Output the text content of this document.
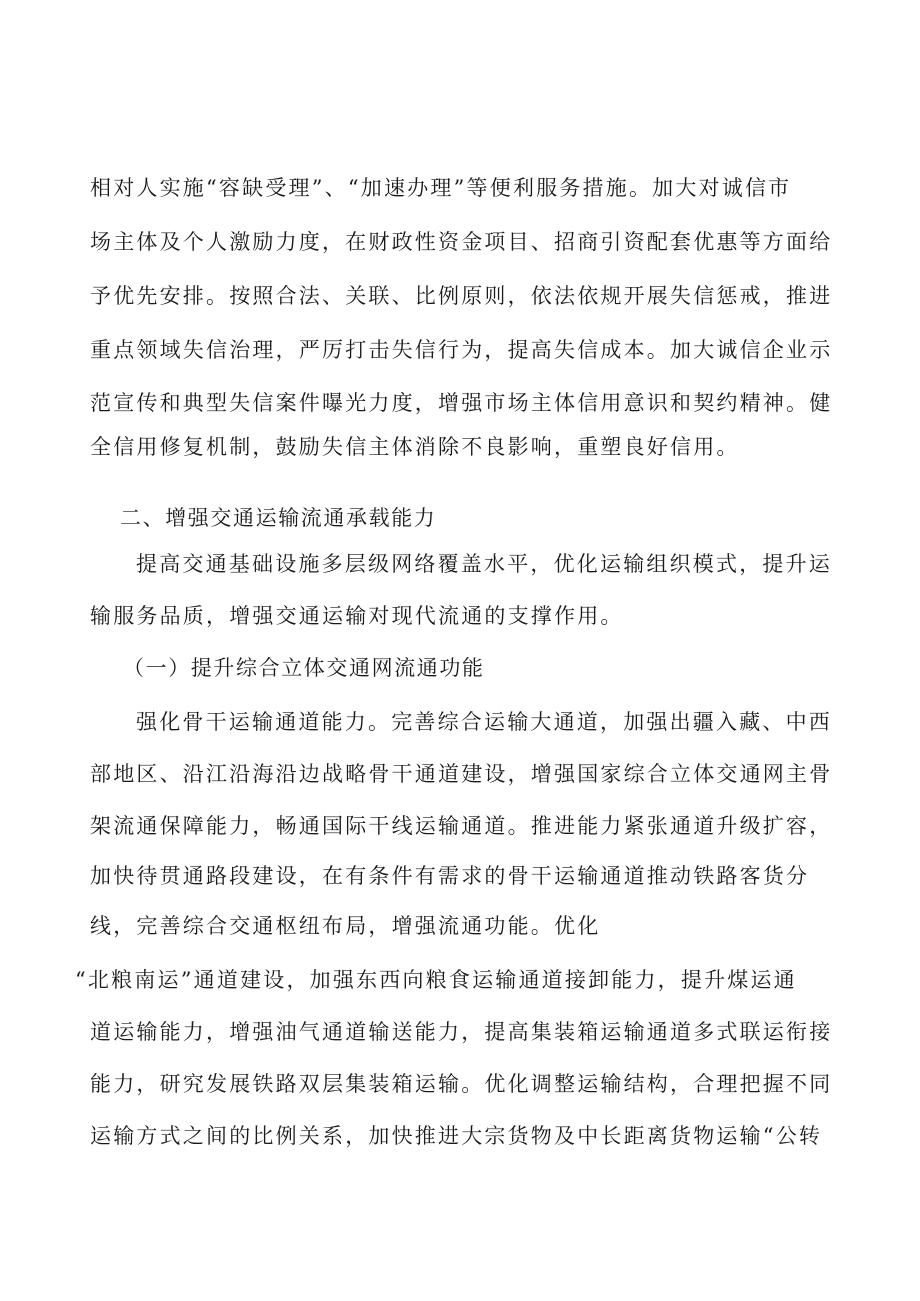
相对人实施“容缺受理”、“加速办理”等便利服务措施。加大对诚信市
场主体及个人激励力度，在财政性资金项目、招商引资配套优惠等方面给
予优先安排。按照合法、关联、比例原则，依法依规开展失信惩戒，推进
重点领域失信治理，严厉打击失信行为，提高失信成本。加大诚信企业示
范宣传和典型失信案件曝光力度，增强市场主体信用意识和契约精神。健
全信用修复机制，鼓励失信主体消除不良影响，重塑良好信用。
二、增强交通运输流通承载能力
提高交通基础设施多层级网络覆盖水平，优化运输组织模式，提升运
输服务品质，增强交通运输对现代流通的支撑作用。
（一）提升综合立体交通网流通功能
强化骨干运输通道能力。完善综合运输大通道，加强出疆入藏、中西
部地区、沿江沿海沿边战略骨干通道建设，增强国家综合立体交通网主骨
架流通保障能力，畅通国际干线运输通道。推进能力紧张通道升级扩容，
加快待贯通路段建设，在有条件有需求的骨干运输通道推动铁路客货分
线，完善综合交通枢纽布局，增强流通功能。优化
“北粮南运”通道建设，加强东西向粮食运输通道接卸能力，提升煤运通
道运输能力，增强油气通道输送能力，提高集装箱运输通道多式联运衔接
能力，研究发展铁路双层集装箱运输。优化调整运输结构，合理把握不同
运输方式之间的比例关系，加快推进大宗货物及中长距离货物运输“公转
